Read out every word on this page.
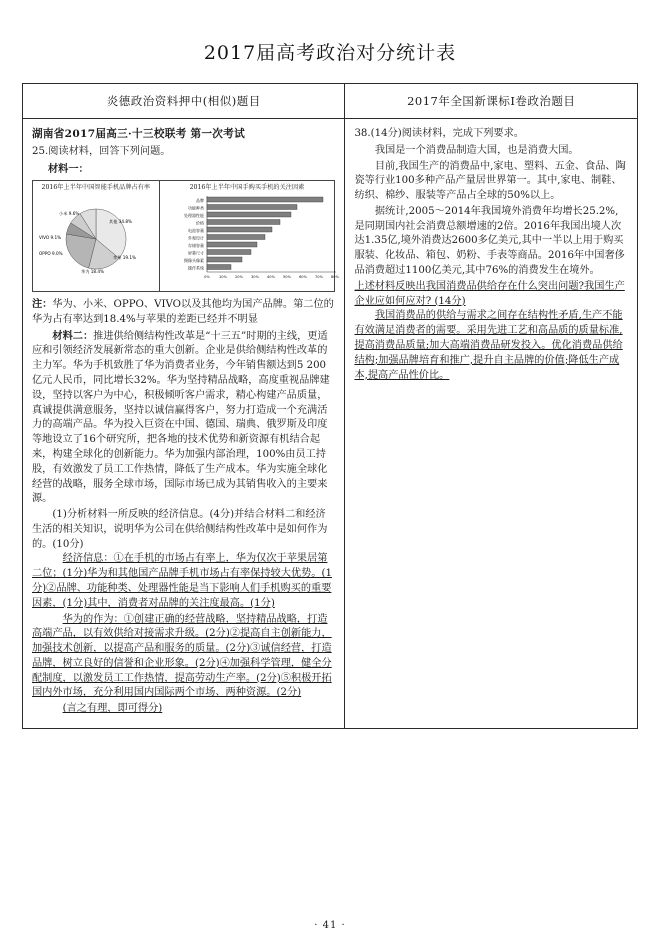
2017届高考政治对分统计表
炎德政治资料押中(相似)题目	2017年全国新课标Ⅰ卷政治题目

湖南省2017届高三·十三校联考 第一次考试
25.阅读材料，回答下列问题。
材料一：
2016年上半年中国智能手机品牌占有率
小米 9.6%
其他 34.8%
VIVO 9.1%
OPPO 9.0%
华为 18.4%
苹果 19.1%
2016年上半年中国手购买手机的关注因素
品牌
功能种类
处理器性能
价格
电池容量
外观设计
存储容量
屏幕尺寸
摄像头像素
操作系统
0%	10% 20% 30% 40% 50% 60% 70% 80%
注：华为、小米、OPPO、VIVO以及其他均为国产品牌。第二位的华为占有率达到18.4%与苹果的差距已经并不明显
材料二：推进供给侧结构性改革是“十三五”时期的主线，更适应和引领经济发展新常态的重大创新。企业是供给侧结构性改革的主力军。华为手机致胜了华为消费者业务，今年销售额达到5 200亿元人民币，同比增长32%。华为坚持精品战略，高度重视品牌建设，坚持以客户为中心，积极倾听客户需求，精心构建产品质量，真诚提供满意服务，坚持以诚信赢得客户，努力打造成一个充满活力的高端产品。华为投入巨资在中国、德国、瑞典、俄罗斯及印度等地设立了16个研究所，把各地的技术优势和新资源有机结合起来，构建全球化的创新能力。华为加强内部治理，100%由员工持股，有效激发了员工工作热情，降低了生产成本。华为实施全球化经营的战略，服务全球市场，国际市场已成为其销售收入的主要来源。
(1)分析材料一所反映的经济信息。(4分)并结合材料二和经济生活的相关知识，说明华为公司在供给侧结构性改革中是如何作为的。(10分)
经济信息：①在手机的市场占有率上，华为仅次于苹果居第二位；(1分)华为和其他国产品牌手机市场占有率保持较大优势。(1分)②品牌、功能种类、处理器性能是当下影响人们手机购买的重要因素，(1分)其中，消费者对品牌的关注度最高。(1分)
华为的作为：①创建正确的经营战略，坚持精品战略，打造高端产品，以有效供给对接需求升级。(2分)②提高自主创新能力，加强技术创新，以提高产品和服务的质量。(2分)③诚信经营，打造品牌，树立良好的信誉和企业形象。(2分)④加强科学管理，健全分配制度，以激发员工工作热情，提高劳动生产率。(2分)⑤积极开拓国内外市场，充分利用国内国际两个市场、两种资源。(2分)
(言之有理，即可得分)

38.(14分)阅读材料，完成下列要求。
我国是一个消费品制造大国，也是消费大国。
目前,我国生产的消费品中,家电、塑料、五金、食品、陶瓷等行业100多种产品产量居世界第一。其中,家电、制鞋、纺织、棉纱、服装等产品占全球的50%以上。
据统计,2005～2014年我国境外消费年均增长25.2%,是同期国内社会消费总额增速的2倍。2016年我国出境人次达1.35亿,境外消费达2600多亿美元,其中一半以上用于购买服装、化妆品、箱包、奶粉、手表等商品。2016年中国奢侈品消费超过1100亿美元,其中76%的消费发生在境外。
上述材料反映出我国消费品供给存在什么突出问题?我国生产企业应如何应对? (14分)
我国消费品的供给与需求之间存在结构性矛盾,生产不能有效满足消费者的需要。采用先进工艺和高品质的质量标准,提高消费品质量;加大高端消费品研发投入。优化消费品供给结构;加强品牌培育和推广,提升自主品牌的价值;降低生产成本,提高产品性价比。
· 41 ·
